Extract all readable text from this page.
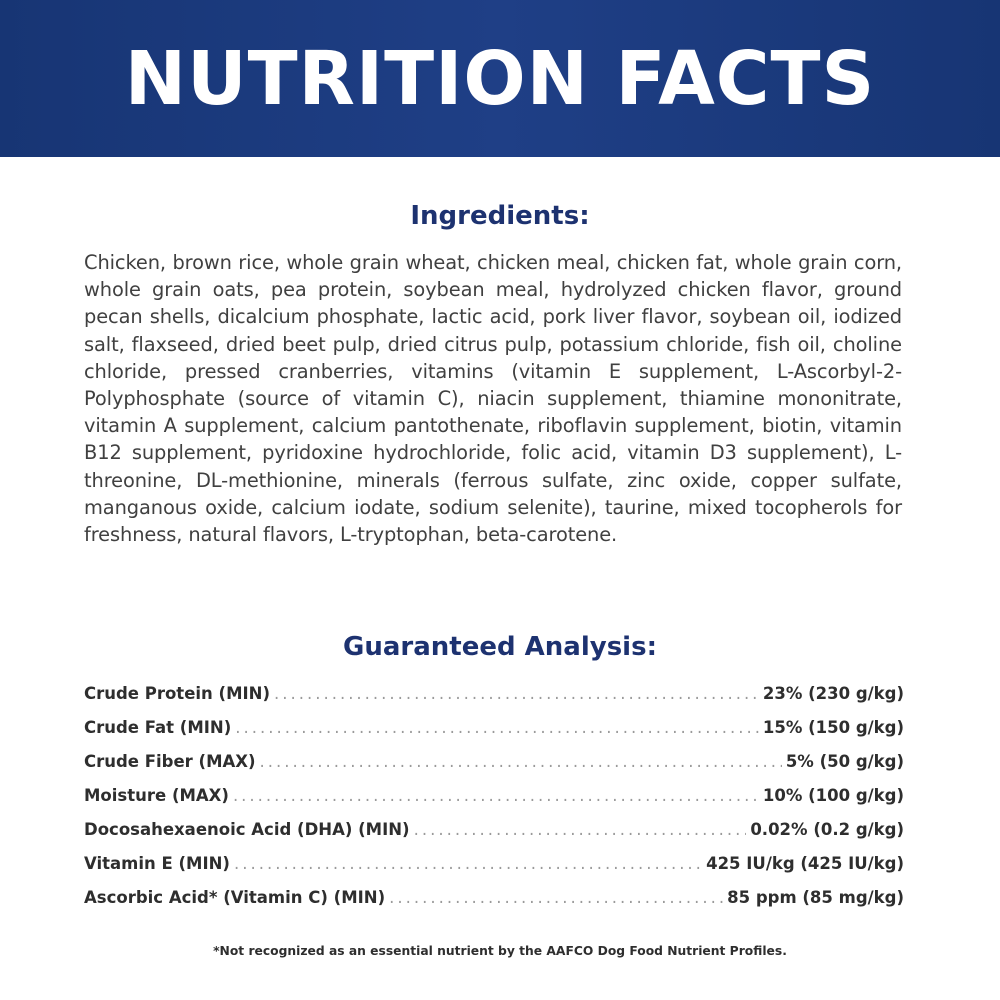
NUTRITION FACTS
Ingredients:

Chicken, brown rice, whole grain wheat, chicken meal, chicken fat, whole grain corn, whole grain oats, pea protein, soybean meal, hydrolyzed chicken flavor, ground pecan shells, dicalcium phosphate, lactic acid, pork liver flavor, soybean oil, iodized salt, flaxseed, dried beet pulp, dried citrus pulp, potassium chloride, fish oil, choline chloride, pressed cranberries, vitamins (vitamin E supplement, L-Ascorbyl-2-Polyphosphate (source of vitamin C), niacin supplement, thiamine mononitrate, vitamin A supplement, calcium pantothenate, riboflavin supplement, biotin, vitamin B12 supplement, pyridoxine hydrochloride, folic acid, vitamin D3 supplement), L-threonine, DL-methionine, minerals (ferrous sulfate, zinc oxide, copper sulfate, manganous oxide, calcium iodate, sodium selenite), taurine, mixed tocopherols for freshness, natural flavors, L-tryptophan, beta-carotene.

Guaranteed Analysis:
Crude Protein (MIN) .....	23% (230 g/kg)
Crude Fat (MIN) .....	15% (150 g/kg)
Crude Fiber (MAX) .....	5% (50 g/kg)
Moisture (MAX) .....	10% (100 g/kg)
Docosahexaenoic Acid (DHA) (MIN) .....	0.02% (0.2 g/kg)
Vitamin E (MIN) .....	425 IU/kg (425 IU/kg)
Ascorbic Acid* (Vitamin C) (MIN) .....	85 ppm (85 mg/kg)

*Not recognized as an essential nutrient by the AAFCO Dog Food Nutrient Profiles.
